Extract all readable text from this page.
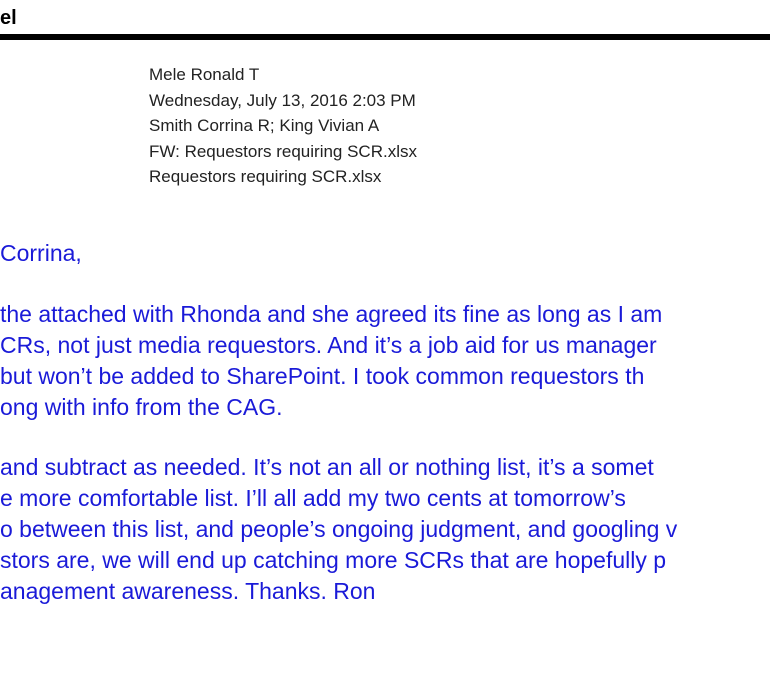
el
Mele Ronald T
Wednesday, July 13, 2016 2:03 PM
Smith Corrina R; King Vivian A
FW: Requestors requiring SCR.xlsx
Requestors requiring SCR.xlsx
Corrina,
the attached with Rhonda and she agreed its fine as long as I am
CRs, not just media requestors. And it’s a job aid for us manager
but won’t be added to SharePoint. I took common requestors th
ong with info from the CAG.
and subtract as needed. It’s not an all or nothing list, it’s a somet
e more comfortable list. I’ll all add my two cents at tomorrow’s
o between this list, and people’s ongoing judgment, and googling v
stors are, we will end up catching more SCRs that are hopefully p
anagement awareness. Thanks. Ron
